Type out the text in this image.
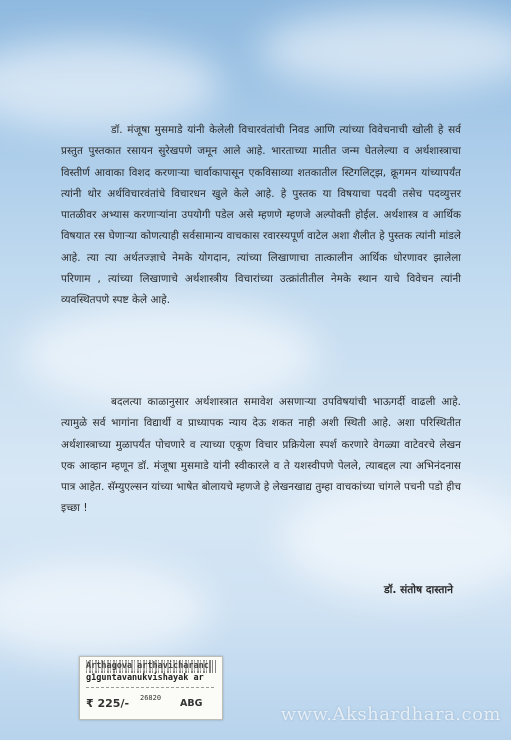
डॉ. मंजूषा मुसमाडे यांनी केलेली विचारवंतांची निवड आणि त्यांच्या विवेचनाची खोली हे सर्व प्रस्तुत पुस्तकात रसायन सुरेखपणे जमून आले आहे. भारताच्या मातीत जन्म घेतलेल्या व अर्थशास्त्राचा विस्तीर्ण आवाका विशद करणाऱ्या चार्वाकापासून एकविसाव्या शतकातील स्टिगलिट्झ, क्रूगमन यांच्यापर्यंत त्यांनी थोर अर्थविचारवंतांचे विचारधन खुले केले आहे. हे पुस्तक या विषयाचा पदवी तसेच पदव्युत्तर पातळीवर अभ्यास करणाऱ्यांना उपयोगी पडेल असे म्हणणे म्हणजे अल्पोक्ती होईल. अर्थशास्त्र व आर्थिक विषयात रस घेणाऱ्या कोणत्याही सर्वसामान्य वाचकास रवारस्यपूर्ण वाटेल अशा शैलीत हे पुस्तक त्यांनी मांडले आहे. त्या त्या अर्थतज्ज्ञाचे नेमके योगदान, त्यांच्या लिखाणाचा तात्कालीन आर्थिक धोरणावर झालेला परिणाम , त्यांच्या लिखाणाचे अर्थशास्त्रीय विचारांच्या उत्क्रांतीतील नेमके स्थान याचे विवेचन त्यांनी व्यवस्थितपणे स्पष्ट केले आहे.

बदलत्या काळानुसार अर्थशास्त्रात समावेश असणाऱ्या उपविषयांची भाऊगर्दी वाढली आहे. त्यामुळे सर्व भागांना विद्यार्थी व प्राध्यापक न्याय देऊ शकत नाही अशी स्थिती आहे. अशा परिस्थितीत अर्थशास्त्राच्या मुळापर्यंत पोचणारे व त्याच्या एकूण विचार प्रक्रियेला स्पर्श करणारे वेगळ्या वाटेवरचे लेखन एक आव्हान म्हणून डॉ. मंजूषा मुसमाडे यांनी स्वीकारले व ते यशस्वीपणे पेलले, त्याबद्दल त्या अभिनंदनास पात्र आहेत. सॅम्युएल्सन यांच्या भाषेत बोलायचे म्हणजे हे लेखनखाद्य तुम्हा वाचकांच्या चांगले पचनी पडो हीच इच्छा !

डॉ. संतोष दास्ताने
Arthagova arthavicharanc
g1guntavanukvishayak ar
₹ 225/- 26820 ABG
www.Akshardhara.com
